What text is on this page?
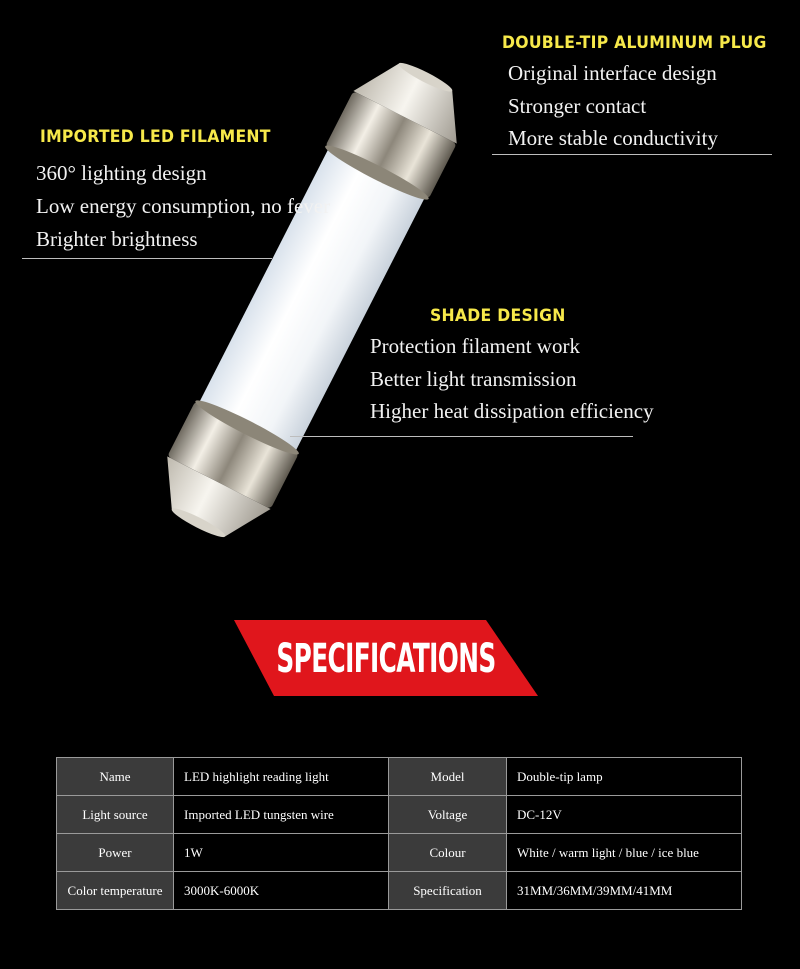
DOUBLE-TIP ALUMINUM PLUG
Original interface design
Stronger contact
More stable conductivity
IMPORTED LED FILAMENT
360° lighting design
Low energy consumption, no fever
Brighter brightness
SHADE DESIGN
Protection filament work
Better light transmission
Higher heat dissipation efficiency
SPECIFICATIONS
Name	LED highlight reading light	Model	Double-tip lamp
Light source	Imported LED tungsten wire	Voltage	DC-12V
Power	1W	Colour	White / warm light / blue / ice blue
Color temperature	3000K-6000K	Specification	31MM/36MM/39MM/41MM
